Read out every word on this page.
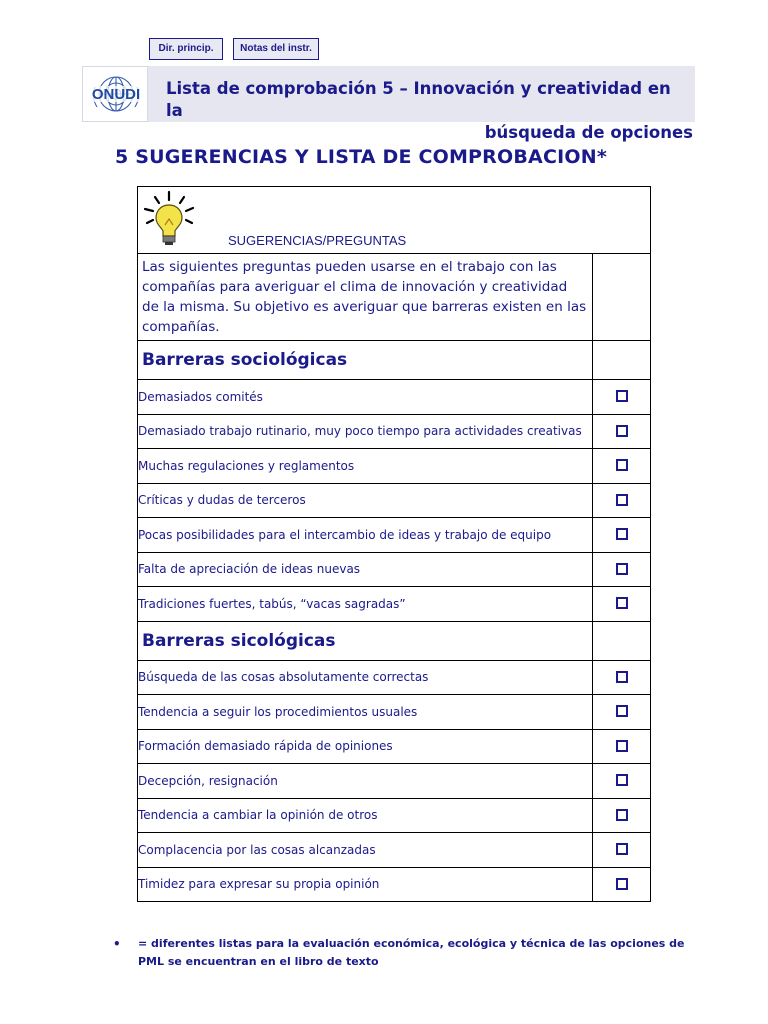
Dir. princip.	Notas del instr.
ONUDI Lista de comprobación 5 – Innovación y creatividad en la
búsqueda de opciones
5 SUGERENCIAS Y LISTA DE COMPROBACION*
SUGERENCIAS/PREGUNTAS	

Las siguientes preguntas pueden usarse en el trabajo con las compañías para averiguar el clima de innovación y creatividad de la misma. Su objetivo es averiguar que barreras existen en las compañías.	
Barreras sociológicas	
Demasiados comités	
Demasiado trabajo rutinario, muy poco tiempo para actividades creativas	
Muchas regulaciones y reglamentos	
Críticas y dudas de terceros	
Pocas posibilidades para el intercambio de ideas y trabajo de equipo	
Falta de apreciación de ideas nuevas	
Tradiciones fuertes, tabús, “vacas sagradas”	
Barreras sicológicas	
Búsqueda de las cosas absolutamente correctas	
Tendencia a seguir los procedimientos usuales	
Formación demasiado rápida de opiniones	
Decepción, resignación	
Tendencia a cambiar la opinión de otros	
Complacencia por las cosas alcanzadas	
Timidez para expresar su propia opinión	
• = diferentes listas para la evaluación económica, ecológica y técnica de las opciones de PML se encuentran en el libro de texto
